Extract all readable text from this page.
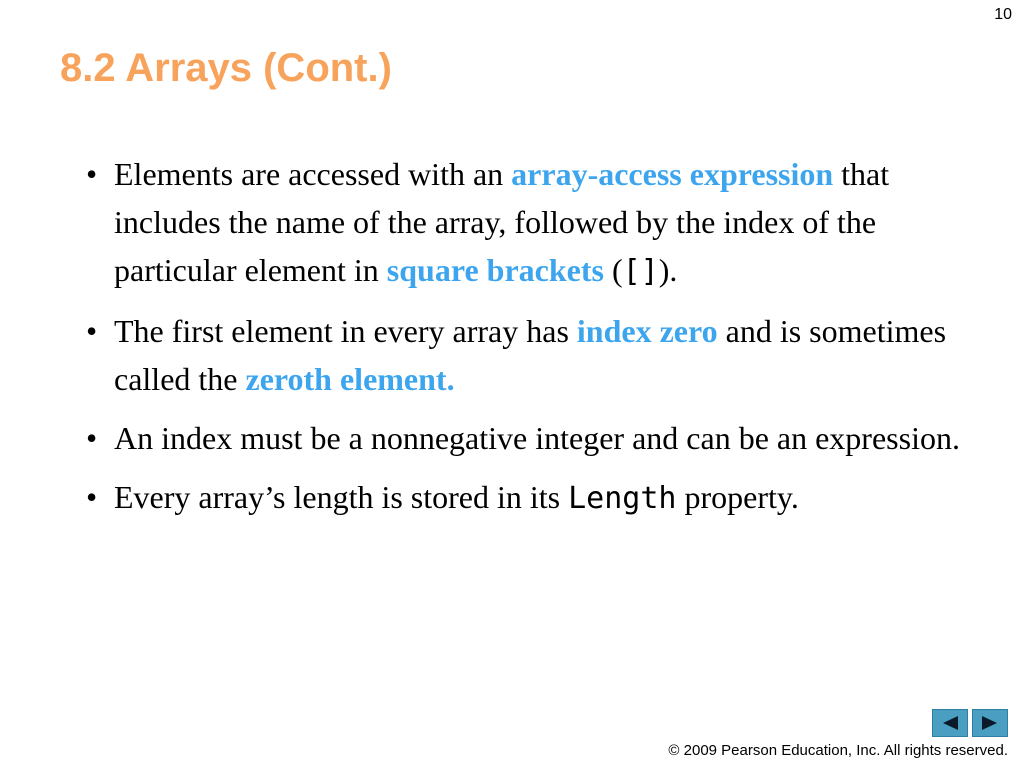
10
8.2 Arrays (Cont.)
• Elements are accessed with an array-access expression that includes the name of the array, followed by the index of the particular element in square brackets ([]).
• The first element in every array has index zero and is sometimes called the zeroth element.
• An index must be a nonnegative integer and can be an expression.
• Every array’s length is stored in its Length property.
© 2009 Pearson Education, Inc. All rights reserved.
